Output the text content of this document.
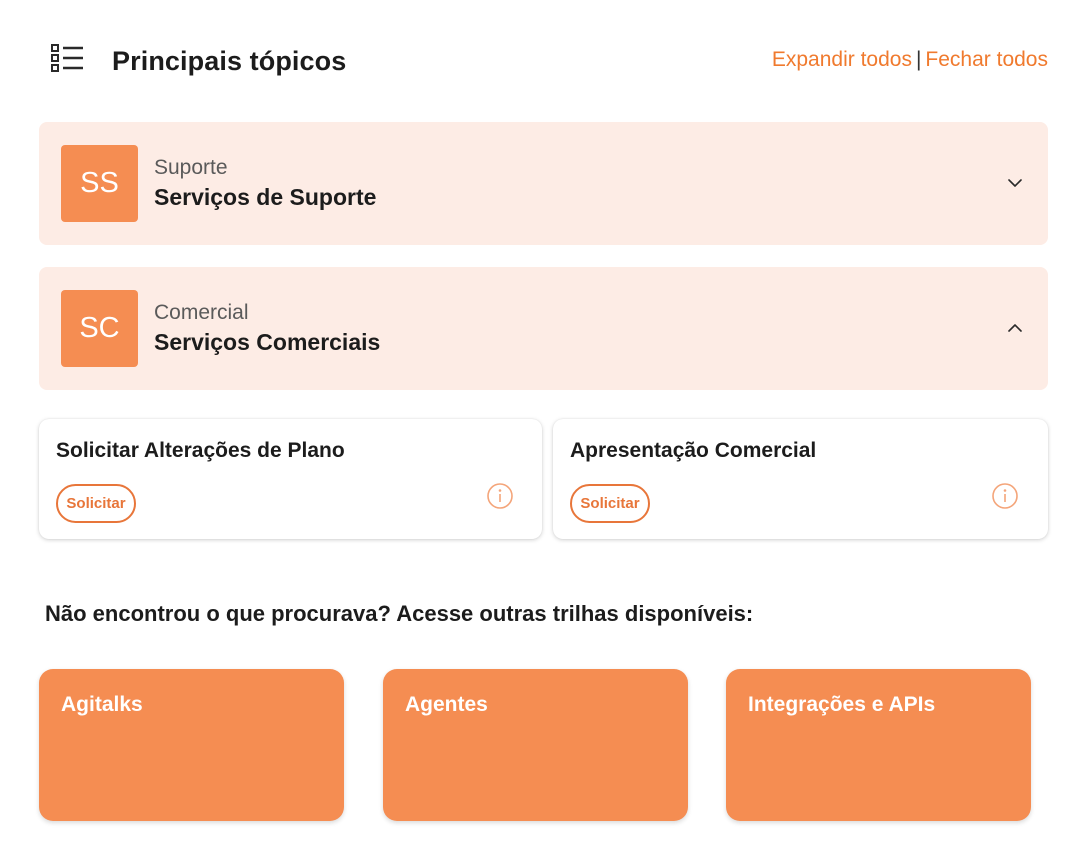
Principais tópicos	Expandir todos | Fechar todos
SS	Suporte
Serviços de Suporte
SC	Comercial
Serviços Comerciais
Solicitar Alterações de Plano
Solicitar
Apresentação Comercial
Solicitar
Não encontrou o que procurava? Acesse outras trilhas disponíveis:
Agitalks	Agentes	Integrações e APIs
